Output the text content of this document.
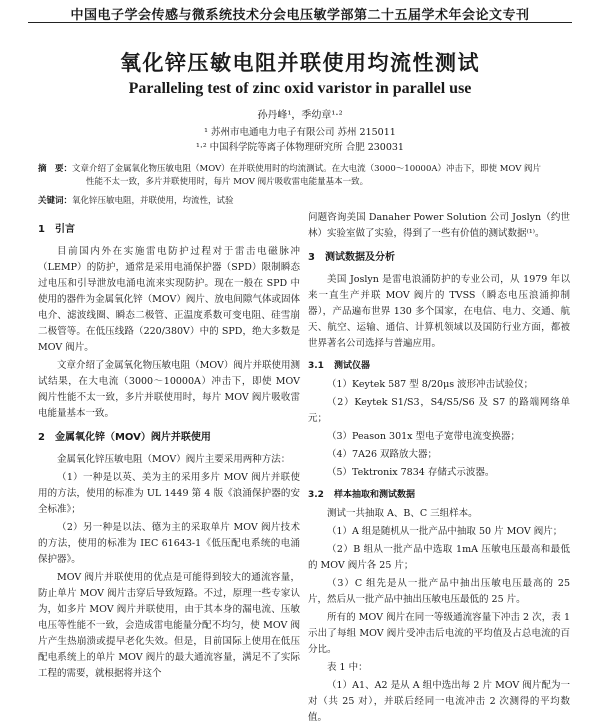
中国电子学会传感与微系统技术分会电压敏学部第二十五届学术年会论文专刊
氧化锌压敏电阻并联使用均流性测试
Paralleling test of zinc oxid varistor in parallel use
孙丹峰¹，季幼章¹·²
¹ 苏州市电通电力电子有限公司 苏州 215011
¹·² 中国科学院等离子体物理研究所 合肥 230031
摘　要：文章介绍了金属氧化物压敏电阻（MOV）在并联使用时的均流测试。在大电流（3000～10000A）冲击下，即使 MOV 阀片
性能不太一致，多片并联使用时，每片 MOV 阀片吸收雷电能量基本一致。
关键词：氧化锌压敏电阻，并联使用，均流性，试验
1 引言

目前国内外在实施雷电防护过程对于雷击电磁脉冲（LEMP）的防护，通常是采用电涌保护器（SPD）限制瞬态过电压和引导泄放电涌电流来实现防护。现在一般在 SPD 中使用的器件为金属氧化锌（MOV）阀片、放电间隙气体或固体电介、滤波线圈、瞬态二极管、正温度系数可变电阻、硅雪崩二极管等。在低压线路（220/380V）中的 SPD，绝大多数是 MOV 阀片。

文章介绍了金属氧化物压敏电阻（MOV）阀片并联使用测试结果，在大电流（3000～10000A）冲击下，即使 MOV 阀片性能不太一致，多片并联使用时，每片 MOV 阀片吸收雷电能量基本一致。

2 金属氧化锌（MOV）阀片并联使用

金属氧化锌压敏电阻（MOV）阀片主要采用两种方法：

（1）一种是以英、美为主的采用多片 MOV 阀片并联使用的方法，使用的标准为 UL 1449 第 4 版《浪涌保护器的安全标准》；

（2）另一种是以法、德为主的采取单片 MOV 阀片技术的方法，使用的标准为 IEC 61643-1《低压配电系统的电涌保护器》。

MOV 阀片并联使用的优点是可能得到较大的通流容量，防止单片 MOV 阀片击穿后导致短路。不过，原理一些专家认为，如多片 MOV 阀片并联使用，由于其本身的漏电流、压敏电压等性能不一致，会造成雷电能量分配不均匀，使 MOV 阀片产生热崩溃或提早老化失效。但是，目前国际上使用在低压配电系统上的单片 MOV 阀片的最大通流容量，满足不了实际工程的需要，就根据将并这个

问题咨询美国 Danaher Power Solution 公司 Joslyn（约世林）实验室做了实验，得到了一些有价值的测试数据⁽¹⁾。

3 测试数据及分析

美国 Joslyn 是雷电浪涌防护的专业公司，从 1979 年以来一直生产并联 MOV 阀片的 TVSS（瞬态电压浪涌抑制器），产品遍布世界 130 多个国家，在电信、电力、交通、航天、航空、运输、通信、计算机领域以及国防行业方面，都被世界著名公司选择与普遍应用。

3.1 测试仪器

（1）Keytek 587 型 8/20μs 波形冲击试验仪；

（2）Keytek S1/S3，S4/S5/S6 及 S7 的路端网络单元；

（3）Peason 301x 型电子宽带电流变换器；

（4）7A26 双路放大器；

（5）Tektronix 7834 存储式示波器。

3.2 样本抽取和测试数据

测试一共抽取 A、B、C 三组样本。

（1）A 组是随机从一批产品中抽取 50 片 MOV 阀片；

（2）B 组从一批产品中选取 1mA 压敏电压最高和最低的 MOV 阀片各 25 片；

（3）C 组先是从一批产品中抽出压敏电压最高的 25 片，然后从一批产品中抽出压敏电压最低的 25 片。

所有的 MOV 阀片在同一等级通流容量下冲击 2 次，表 1 示出了每组 MOV 阀片受冲击后电流的平均值及占总电流的百分比。

表 1 中：

（1）A1、A2 是从 A 组中选出每 2 片 MOV 阀片配为一对（共 25 对），并联后经同一电流冲击 2 次测得的平均数值。
